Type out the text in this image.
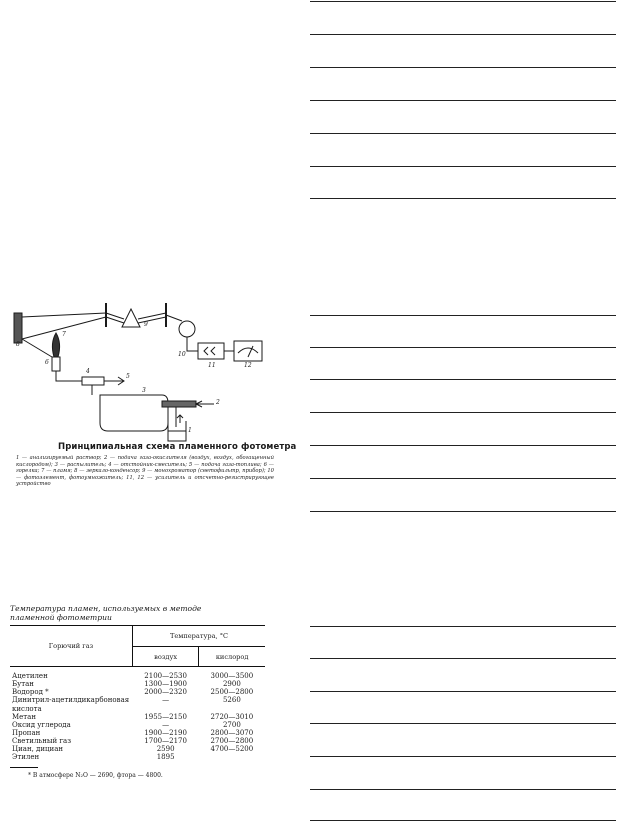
8
6
7
4
5
3
2
1
9
10
11	12
Принципиальная схема пламенного фотометра
1 — анализируемый раствор; 2 — подача газа-окислителя (воздух, воздух, обогащенный кислородом); 3 — распылитель; 4 — отстойник-смеситель; 5 — подача газа-топлива; 6 — горелка; 7 — пламя; 8 — зеркало-конденсор; 9 — монохроматор (светофильтр, прибор); 10 — фотоэлемент, фотоумножитель; 11, 12 — усилитель и отсчетно-регистрирующее устройство
Температура пламен, используемых в методе пламенной фотометрии
Горючий газ	Температура, °С	
	воздух	кислород
Ацетилен	2100—2530	3000—3500
Бутан	1300—1900	2900
Водород *	2000—2320	2500—2800
Динитрил-ацетилдикарбоновая кислота	—	5260
Метан	1955—2150	2720—3010
Оксид углерода	—	2700
Пропан	1900—2190	2800—3070
Светильный газ	1700—2170	2700—2800
Циан, дициан	2590	4700—5200
Этилен	1895	
* В атмосфере N₂O — 2690, фтора — 4800.
